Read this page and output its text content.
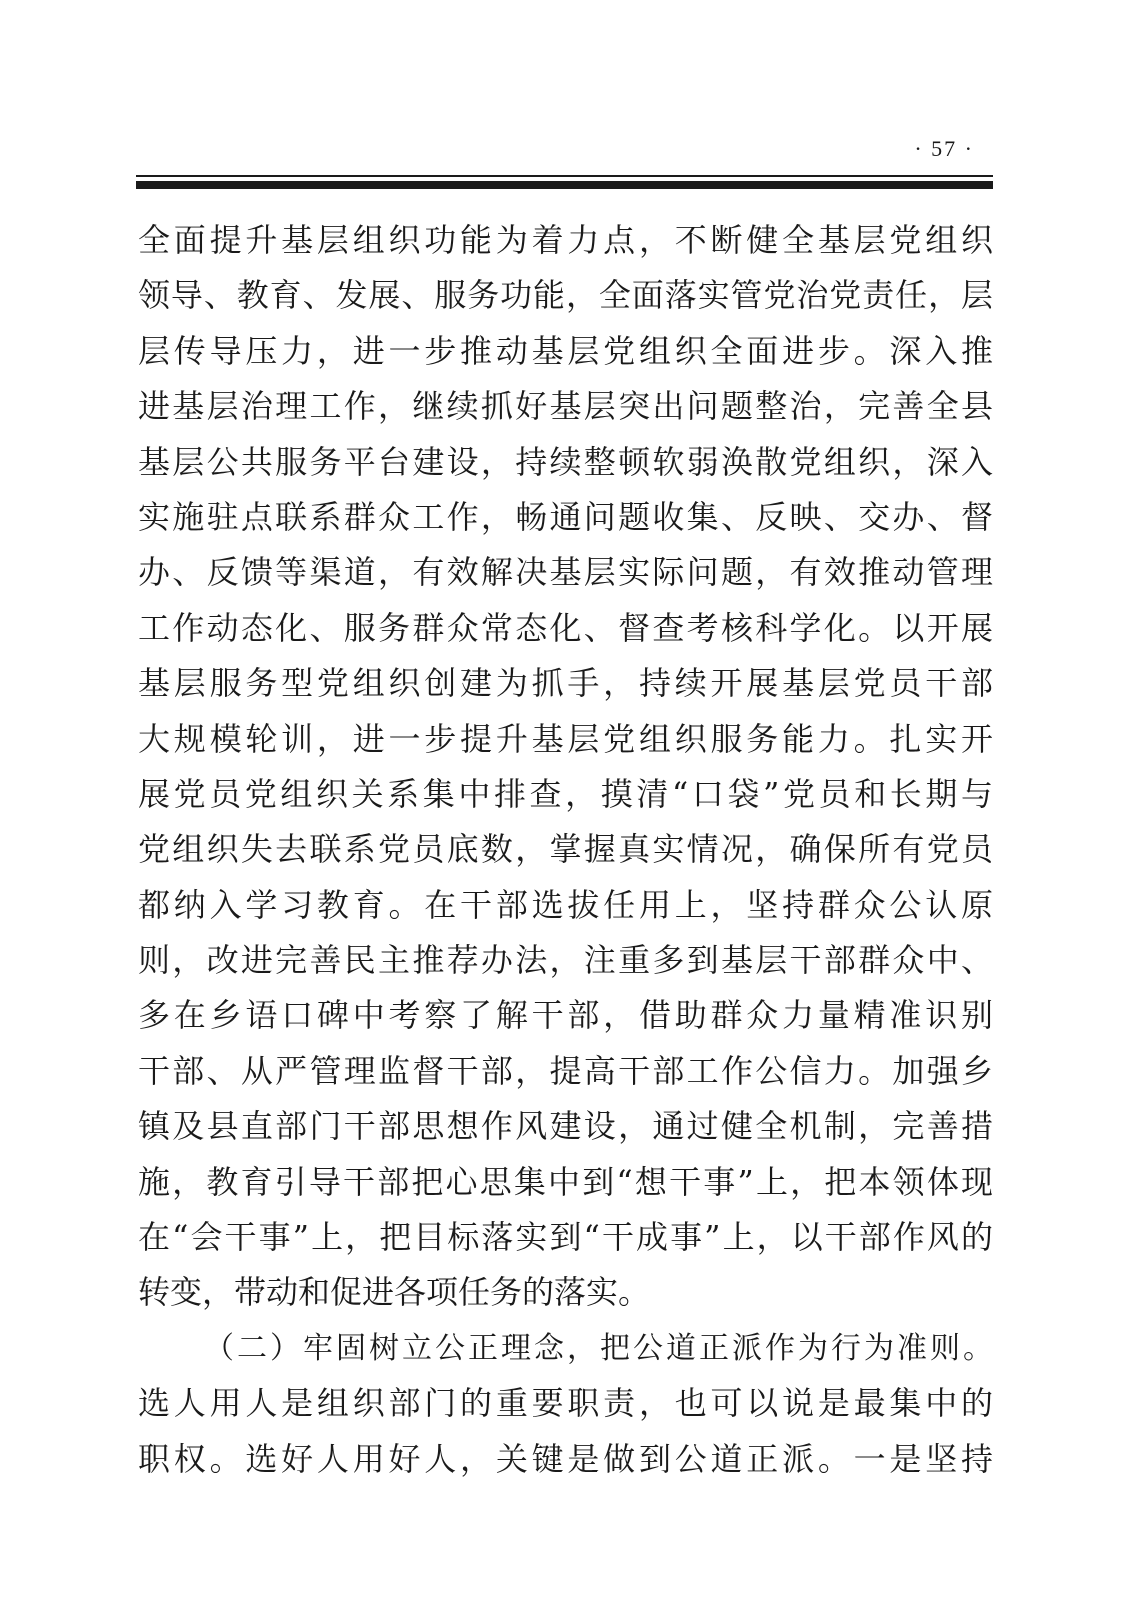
· 57 ·
全面提升基层组织功能为着力点，不断健全基层党组织
领导、教育、发展、服务功能，全面落实管党治党责任，层
层传导压力，进一步推动基层党组织全面进步。深入推
进基层治理工作，继续抓好基层突出问题整治，完善全县
基层公共服务平台建设，持续整顿软弱涣散党组织，深入
实施驻点联系群众工作，畅通问题收集、反映、交办、督
办、反馈等渠道，有效解决基层实际问题，有效推动管理
工作动态化、服务群众常态化、督查考核科学化。以开展
基层服务型党组织创建为抓手，持续开展基层党员干部
大规模轮训，进一步提升基层党组织服务能力。扎实开
展党员党组织关系集中排查，摸清“口袋”党员和长期与
党组织失去联系党员底数，掌握真实情况，确保所有党员
都纳入学习教育。在干部选拔任用上，坚持群众公认原
则，改进完善民主推荐办法，注重多到基层干部群众中、
多在乡语口碑中考察了解干部，借助群众力量精准识别
干部、从严管理监督干部，提高干部工作公信力。加强乡
镇及县直部门干部思想作风建设，通过健全机制，完善措
施，教育引导干部把心思集中到“想干事”上，把本领体现
在“会干事”上，把目标落实到“干成事”上，以干部作风的
转变，带动和促进各项任务的落实。
（二）牢固树立公正理念，把公道正派作为行为准则。
选人用人是组织部门的重要职责，也可以说是最集中的
职权。选好人用好人，关键是做到公道正派。一是坚持
